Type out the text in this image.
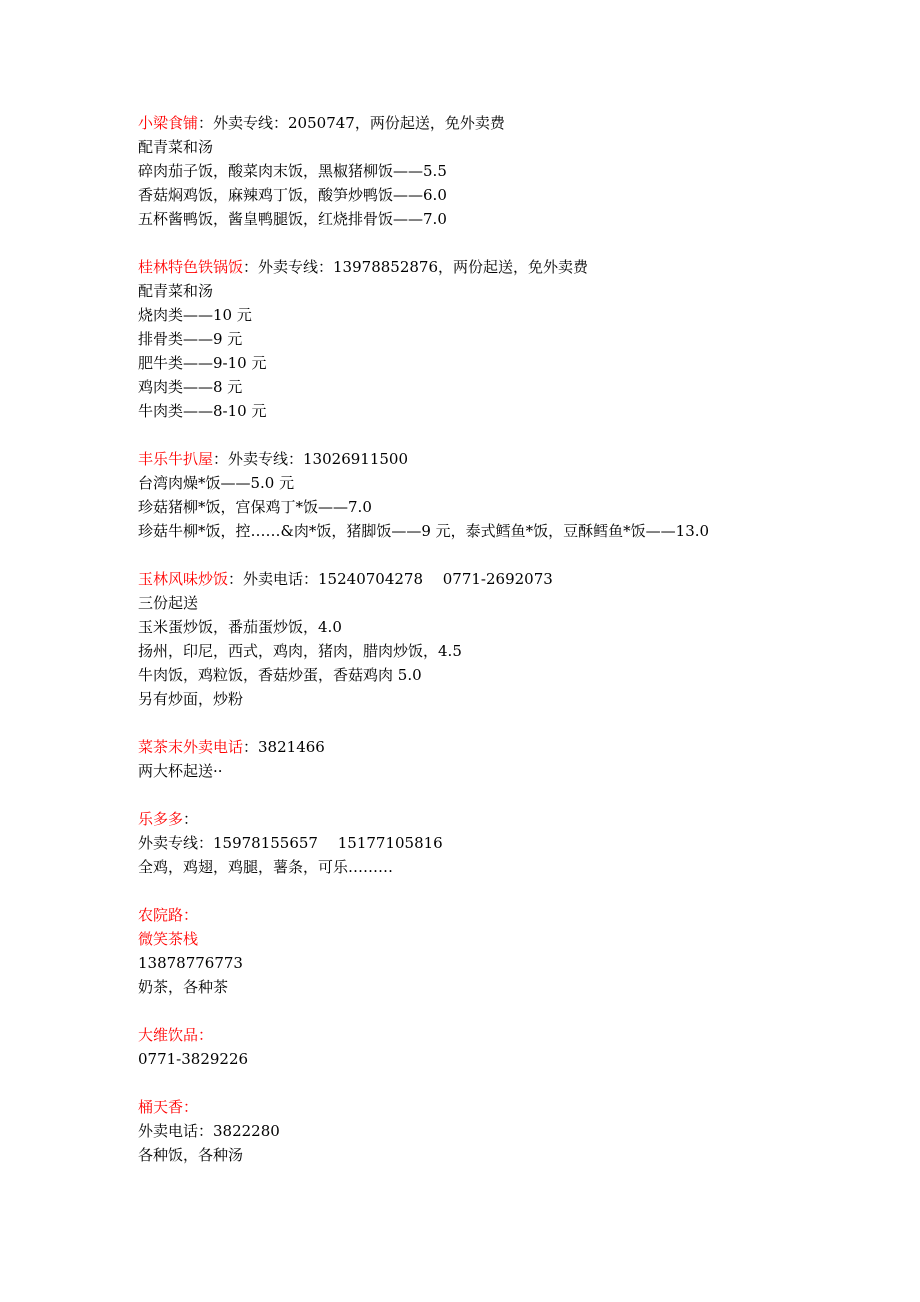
小梁食铺：外卖专线：2050747，两份起送，免外卖费
配青菜和汤
碎肉茄子饭，酸菜肉末饭，黑椒猪柳饭——5.5
香菇焖鸡饭，麻辣鸡丁饭，酸笋炒鸭饭——6.0
五杯酱鸭饭，酱皇鸭腿饭，红烧排骨饭——7.0
桂林特色铁锅饭：外卖专线：13978852876，两份起送，免外卖费
配青菜和汤
烧肉类——10 元
排骨类——9 元
肥牛类——9-10 元
鸡肉类——8 元
牛肉类——8-10 元
丰乐牛扒屋：外卖专线：13026911500
台湾肉燥*饭——5.0 元
珍菇猪柳*饭，宫保鸡丁*饭——7.0
珍菇牛柳*饭，控……&肉*饭，猪脚饭——9 元，泰式鳕鱼*饭，豆酥鳕鱼*饭——13.0
玉林风味炒饭：外卖电话：15240704278　 0771-2692073
三份起送
玉米蛋炒饭，番茄蛋炒饭，4.0
扬州，印尼，西式，鸡肉，猪肉，腊肉炒饭，4.5
牛肉饭，鸡粒饭，香菇炒蛋，香菇鸡肉 5.0
另有炒面，炒粉
菜茶末外卖电话：3821466
两大杯起送··
乐多多：
外卖专线：15978155657　 15177105816
全鸡，鸡翅，鸡腿，薯条，可乐………
农院路：
微笑茶栈
13878776773
奶茶，各种茶
大维饮品：
0771-3829226
桶天香：
外卖电话：3822280
各种饭，各种汤
